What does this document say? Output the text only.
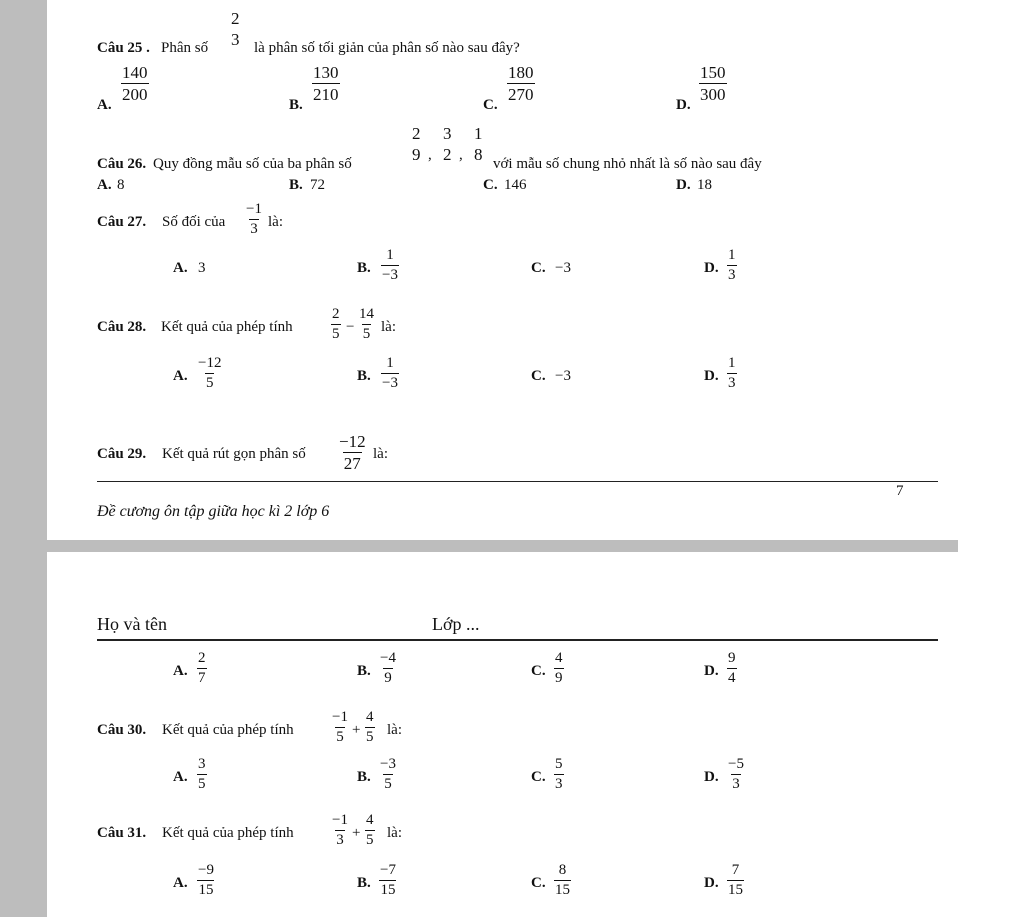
Câu 25 . Phân số
2
3 là phân số tối giản của phân số nào sau đây?
A.
$\frac{140}{200}$
B.
$\frac{130}{210}$
C.
$\frac{180}{270}$
D.
$\frac{150}{300}$
Câu 26. Quy đồng mẫu số của ba phân số
2
9 ,
3
2 ,
1
8 với mẫu số chung nhỏ nhất là số nào sau đây
A. 8	B. 72	C. 146	D. 18
Câu 27. Số đối của $\frac{-1}{3}$ là:
A. 3	B. $\frac{1}{-3}$	C. −3	D. $\frac{1}{3}$
Câu 28. Kết quả của phép tính	$\frac{2}{5} - \frac{14}{5}$ là:
A. $\frac{-12}{5}$	B. $\frac{1}{-3}$	C. −3	D. $\frac{1}{3}$
Câu 29. Kết quả rút gọn phân số $\frac{-12}{27}$ là:
7
Đề cương ôn tập giữa học kì 2 lớp 6
Họ và tên	Lớp ...
A. $\frac{2}{7}$	B. $\frac{-4}{9}$	C. $\frac{4}{9}$	D. $\frac{9}{4}$
Câu 30. Kết quả của phép tính $\frac{-1}{5} + \frac{4}{5}$ là:
A. $\frac{3}{5}$	B. $\frac{-3}{5}$	C. $\frac{5}{3}$	D. $\frac{-5}{3}$
Câu 31. Kết quả của phép tính $\frac{-1}{3} + \frac{4}{5}$ là:
A. $\frac{-9}{15}$	B. $\frac{-7}{15}$	C. $\frac{8}{15}$	D. $\frac{7}{15}$
